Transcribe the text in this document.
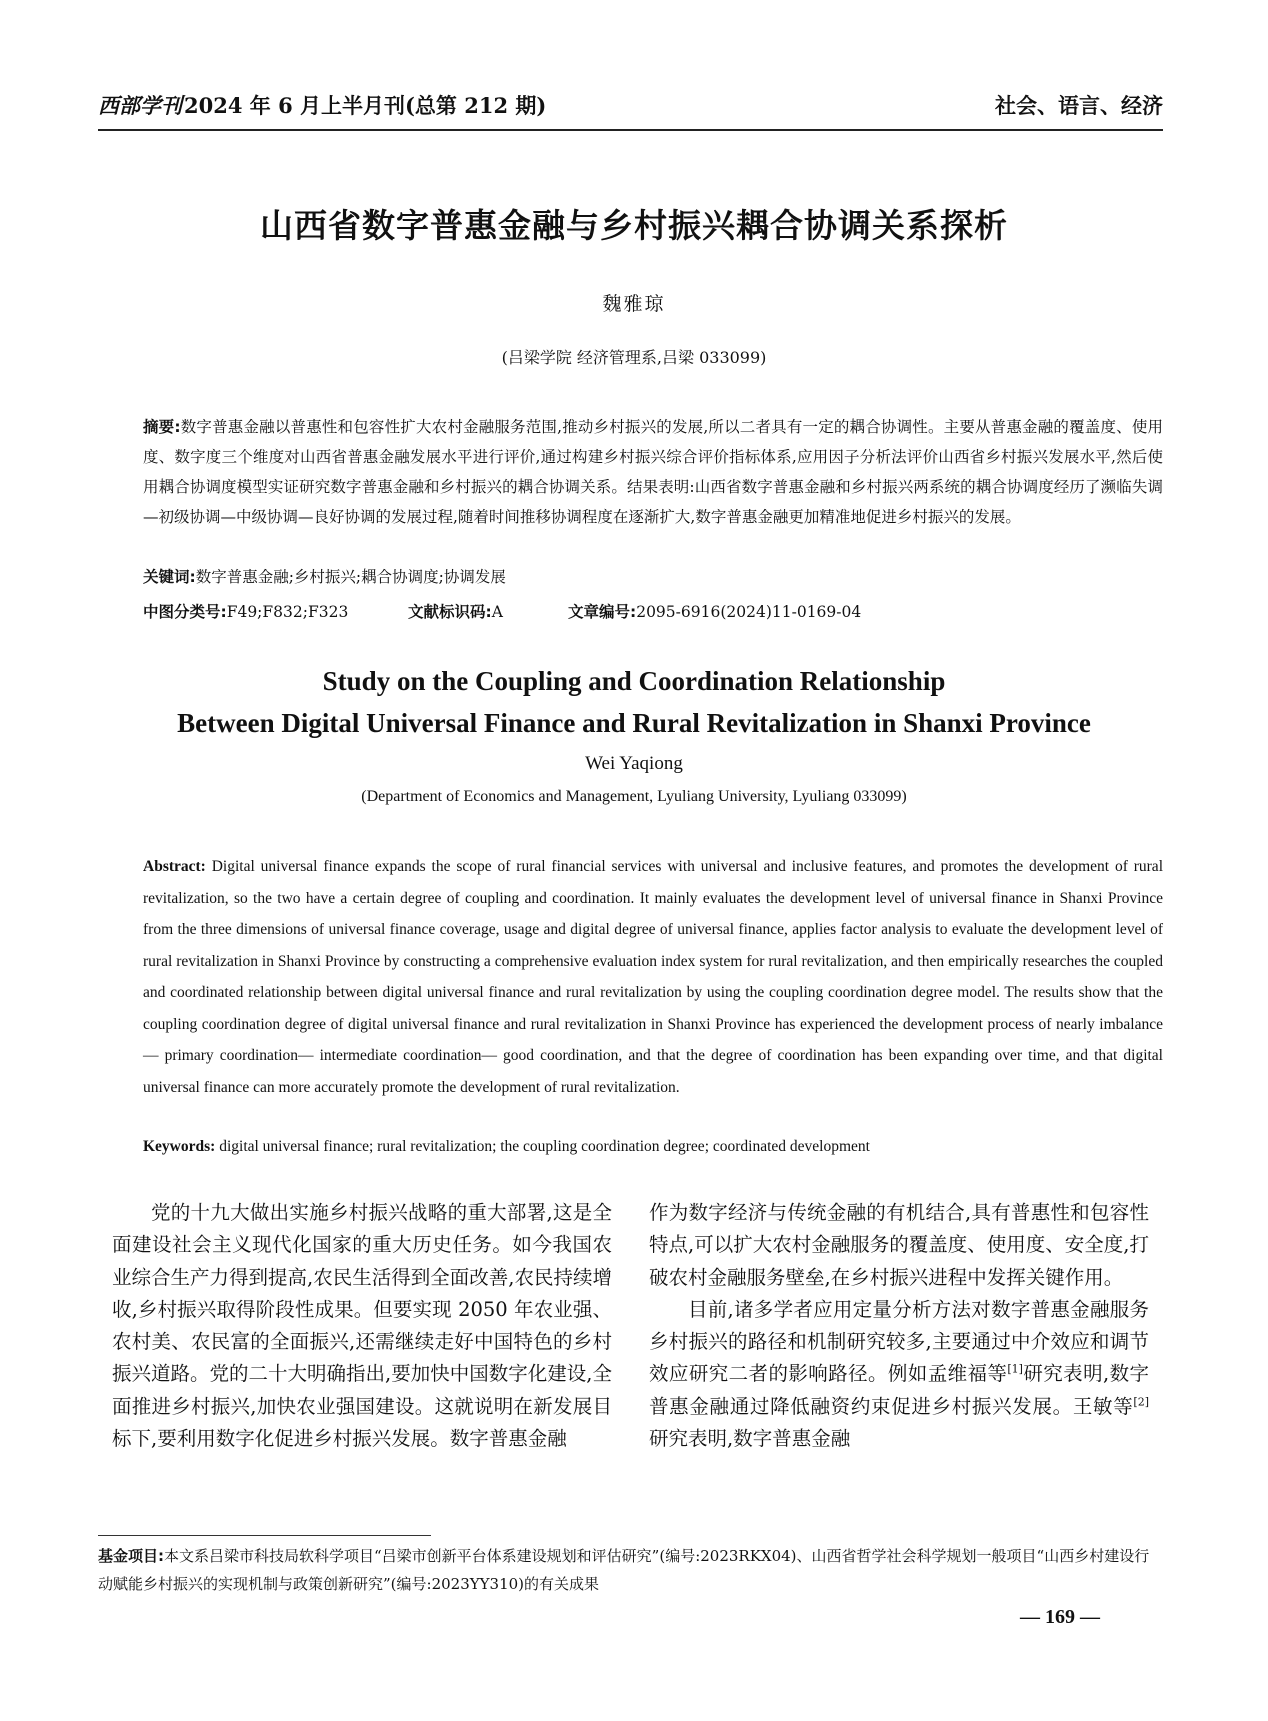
西部学刊2024 年 6 月上半月刊(总第 212 期)	社会、语言、经济
山西省数字普惠金融与乡村振兴耦合协调关系探析
魏雅琼
(吕梁学院 经济管理系,吕梁 033099)
摘要:数字普惠金融以普惠性和包容性扩大农村金融服务范围,推动乡村振兴的发展,所以二者具有一定的耦合协调性。主要从普惠金融的覆盖度、使用度、数字度三个维度对山西省普惠金融发展水平进行评价,通过构建乡村振兴综合评价指标体系,应用因子分析法评价山西省乡村振兴发展水平,然后使用耦合协调度模型实证研究数字普惠金融和乡村振兴的耦合协调关系。结果表明:山西省数字普惠金融和乡村振兴两系统的耦合协调度经历了濒临失调—初级协调—中级协调—良好协调的发展过程,随着时间推移协调程度在逐渐扩大,数字普惠金融更加精准地促进乡村振兴的发展。
关键词:数字普惠金融;乡村振兴;耦合协调度;协调发展
中图分类号:F49;F832;F323	文献标识码:A	文章编号:2095-6916(2024)11-0169-04
Study on the Coupling and Coordination Relationship
Between Digital Universal Finance and Rural Revitalization in Shanxi Province
Wei Yaqiong
(Department of Economics and Management, Lyuliang University, Lyuliang 033099)
Abstract: Digital universal finance expands the scope of rural financial services with universal and inclusive features, and promotes the development of rural revitalization, so the two have a certain degree of coupling and coordination. It mainly evaluates the development level of universal finance in Shanxi Province from the three dimensions of universal finance coverage, usage and digital degree of universal finance, applies factor analysis to evaluate the development level of rural revitalization in Shanxi Province by constructing a comprehensive evaluation index system for rural revitalization, and then empirically researches the coupled and coordinated relationship between digital universal finance and rural revitalization by using the coupling coordination degree model. The results show that the coupling coordination degree of digital universal finance and rural revitalization in Shanxi Province has experienced the development process of nearly imbalance— primary coordination— intermediate coordination— good coordination, and that the degree of coordination has been expanding over time, and that digital universal finance can more accurately promote the development of rural revitalization.
Keywords: digital universal finance; rural revitalization; the coupling coordination degree; coordinated development

党的十九大做出实施乡村振兴战略的重大部署,这是全面建设社会主义现代化国家的重大历史任务。如今我国农业综合生产力得到提高,农民生活得到全面改善,农民持续增收,乡村振兴取得阶段性成果。但要实现 2050 年农业强、农村美、农民富的全面振兴,还需继续走好中国特色的乡村振兴道路。党的二十大明确指出,要加快中国数字化建设,全面推进乡村振兴,加快农业强国建设。这就说明在新发展目标下,要利用数字化促进乡村振兴发展。数字普惠金融

作为数字经济与传统金融的有机结合,具有普惠性和包容性特点,可以扩大农村金融服务的覆盖度、使用度、安全度,打破农村金融服务壁垒,在乡村振兴进程中发挥关键作用。

目前,诸多学者应用定量分析方法对数字普惠金融服务乡村振兴的路径和机制研究较多,主要通过中介效应和调节效应研究二者的影响路径。例如孟维福等[1]研究表明,数字普惠金融通过降低融资约束促进乡村振兴发展。王敏等[2]研究表明,数字普惠金融

基金项目:本文系吕梁市科技局软科学项目“吕梁市创新平台体系建设规划和评估研究”(编号:2023RKX04)、山西省哲学社会科学规划一般项目“山西乡村建设行动赋能乡村振兴的实现机制与政策创新研究”(编号:2023YY310)的有关成果
— 169 —
